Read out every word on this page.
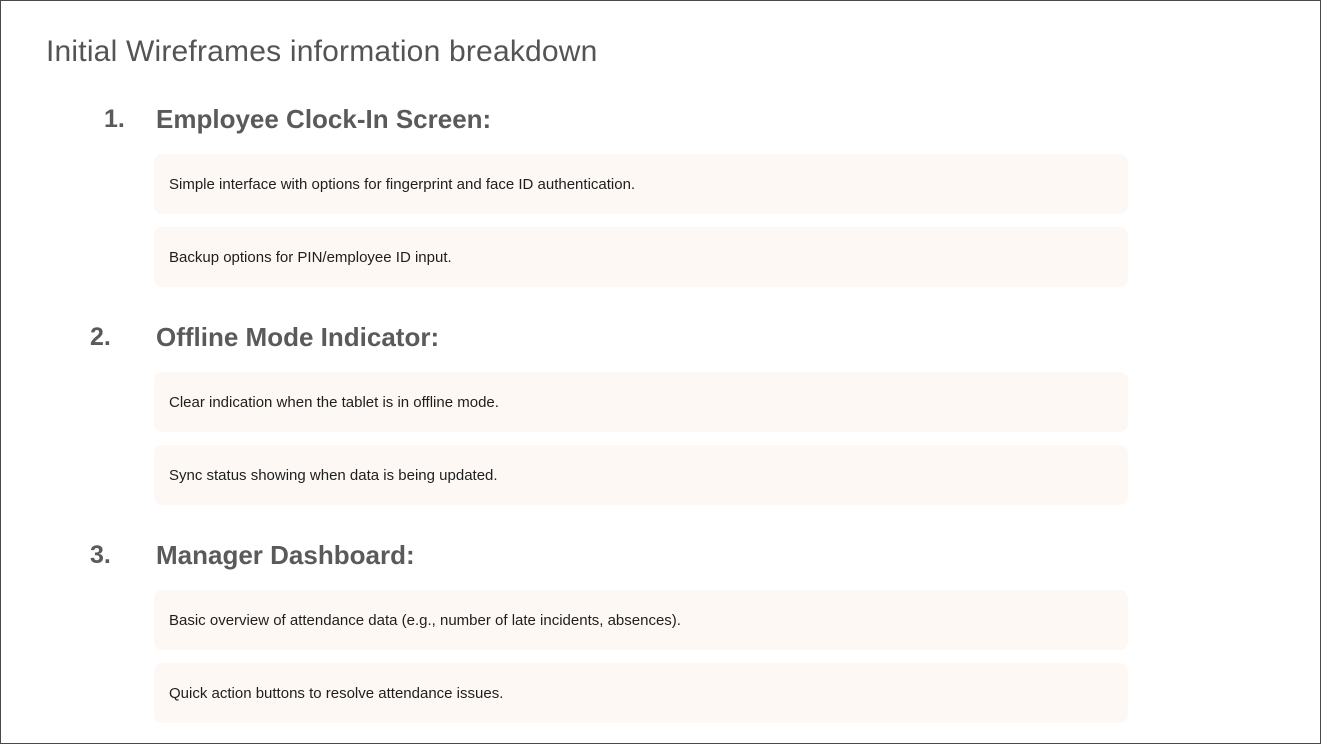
Initial Wireframes information breakdown
1. Employee Clock-In Screen:
Simple interface with options for fingerprint and face ID authentication.
Backup options for PIN/employee ID input.
2. Offline Mode Indicator:
Clear indication when the tablet is in offline mode.
Sync status showing when data is being updated.
3. Manager Dashboard:
Basic overview of attendance data (e.g., number of late incidents, absences).
Quick action buttons to resolve attendance issues.
